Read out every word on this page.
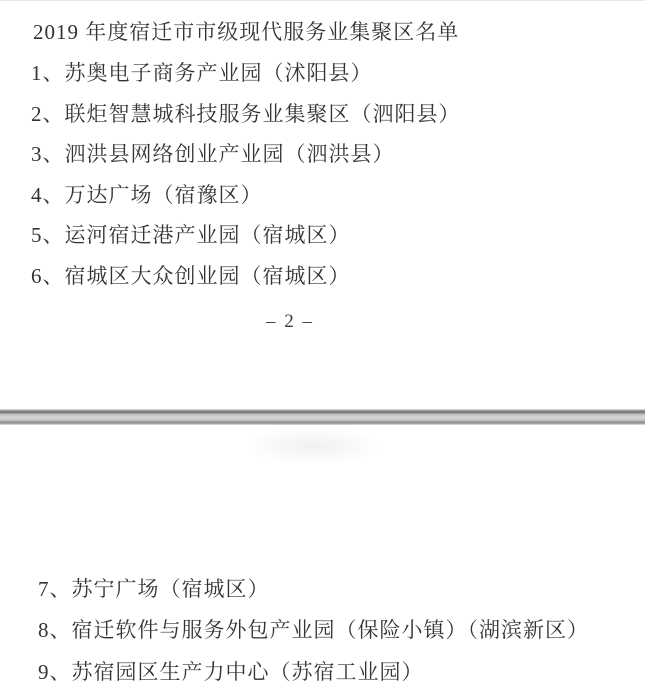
2019 年度宿迁市市级现代服务业集聚区名单
1、苏奥电子商务产业园（沭阳县）
2、联炬智慧城科技服务业集聚区（泗阳县）
3、泗洪县网络创业产业园（泗洪县）
4、万达广场（宿豫区）
5、运河宿迁港产业园（宿城区）
6、宿城区大众创业园（宿城区）
– 2 –
7、苏宁广场（宿城区）
8、宿迁软件与服务外包产业园（保险小镇）（湖滨新区）
9、苏宿园区生产力中心（苏宿工业园）
